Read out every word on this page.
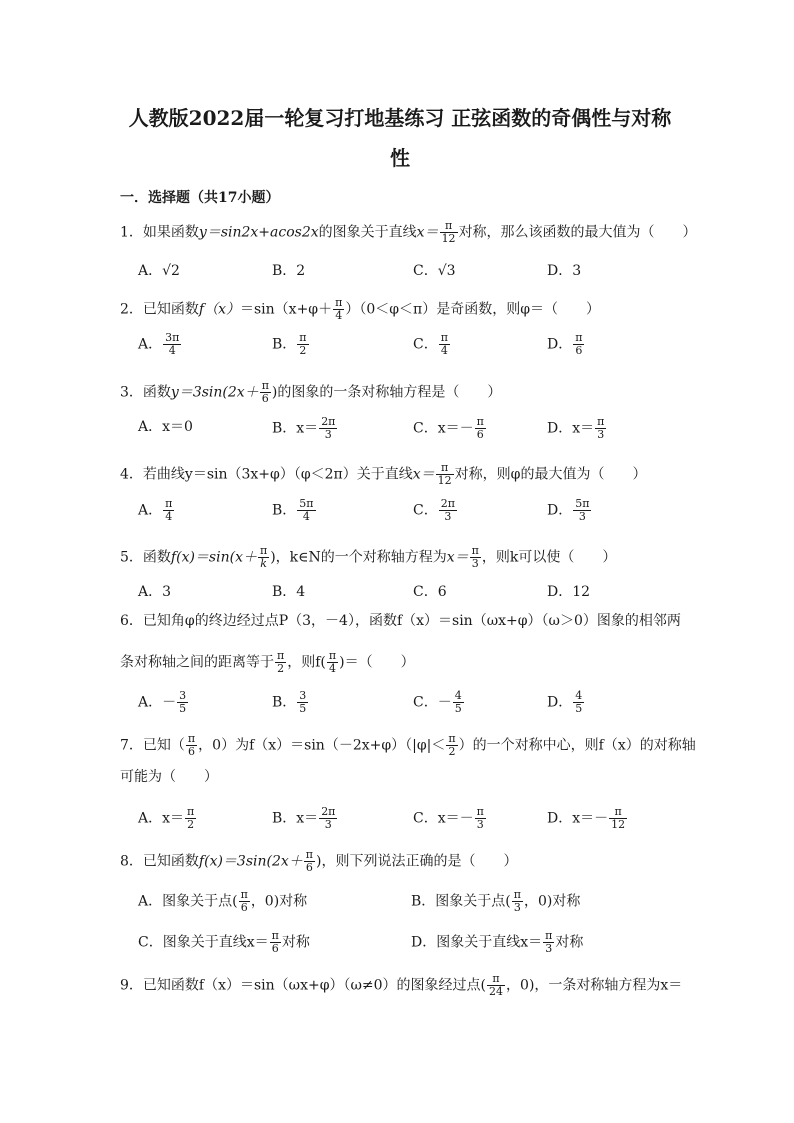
人教版2022届一轮复习打地基练习 正弦函数的奇偶性与对称
性
一．选择题（共17小题）
1．如果函数y＝sin2x+acos2x的图象关于直线$x= \frac{\pi}{12}$ 对称，那么该函数的最大值为（　　）
A．√2	B．2	C．√3	D．3
2．已知函数$f(x)=\sin(x+\varphi+ \frac{\pi}{4} )(0<\varphi<\pi)$是奇函数，则φ＝（　　）
A． $\frac{3\pi}{4}$	B． $\frac{\pi}{2}$	C． $\frac{\pi}{4}$	D． $\frac{\pi}{6}$
3．函数$y=3\sin(2x+ \frac{\pi}{6}$ )的图象的一条对称轴方程是（　　）
A．x＝0	B．$x= \frac{2\pi}{3}$	C．$x=- \frac{\pi}{6}$	D．$x= \frac{\pi}{3}$
4．若曲线y＝sin（3x+φ）（φ＜2π）关于直线$x= \frac{\pi}{12}$ 对称，则φ的最大值为（　　）
A． $\frac{\pi}{4}$	B． $\frac{5\pi}{4}$	C． $\frac{2\pi}{3}$	D． $\frac{5\pi}{3}$
5．函数$f(x)=\sin(x+ \frac{\pi}{k}$ )，k∈N的一个对称轴方程为$x= \frac{\pi}{3}$ ，则k可以使（　　）
A．3	B．4	C．6	D．12
6．已知角φ的终边经过点P（3，－4），函数f（x）＝sin（ωx+φ）（ω＞0）图象的相邻两
条对称轴之间的距离等于 $\frac{\pi}{2}$ ，则$f( \frac{\pi}{4}$ )＝（　　）
A．－ $\frac{3}{5}$	B． $\frac{3}{5}$	C．－ $\frac{4}{5}$	D． $\frac{4}{5}$
7．已知（ $\frac{\pi}{6}$ ，0）为$f(x)=\sin(-2x+\varphi)(|\varphi|< \frac{\pi}{2}$ ）的一个对称中心，则f（x）的对称轴
可能为（　　）
A．$x= \frac{\pi}{2}$	B．$x= \frac{2\pi}{3}$	C．$x=- \frac{\pi}{3}$	D．$x=- \frac{\pi}{12}$
8．已知函数$f(x)=3\sin(2x+ \frac{\pi}{6}$ )，则下列说法正确的是（　　）
A．图象关于点( $\frac{\pi}{6}$ ，0)对称	B．图象关于点( $\frac{\pi}{3}$ ，0)对称
C．图象关于直线$x= \frac{\pi}{6}$ 对称	D．图象关于直线$x= \frac{\pi}{3}$ 对称
9．已知函数f（x）＝sin（ωx+φ）（ω≠0）的图象经过点( $\frac{\pi}{24}$ ，0)，一条对称轴方程为x＝
